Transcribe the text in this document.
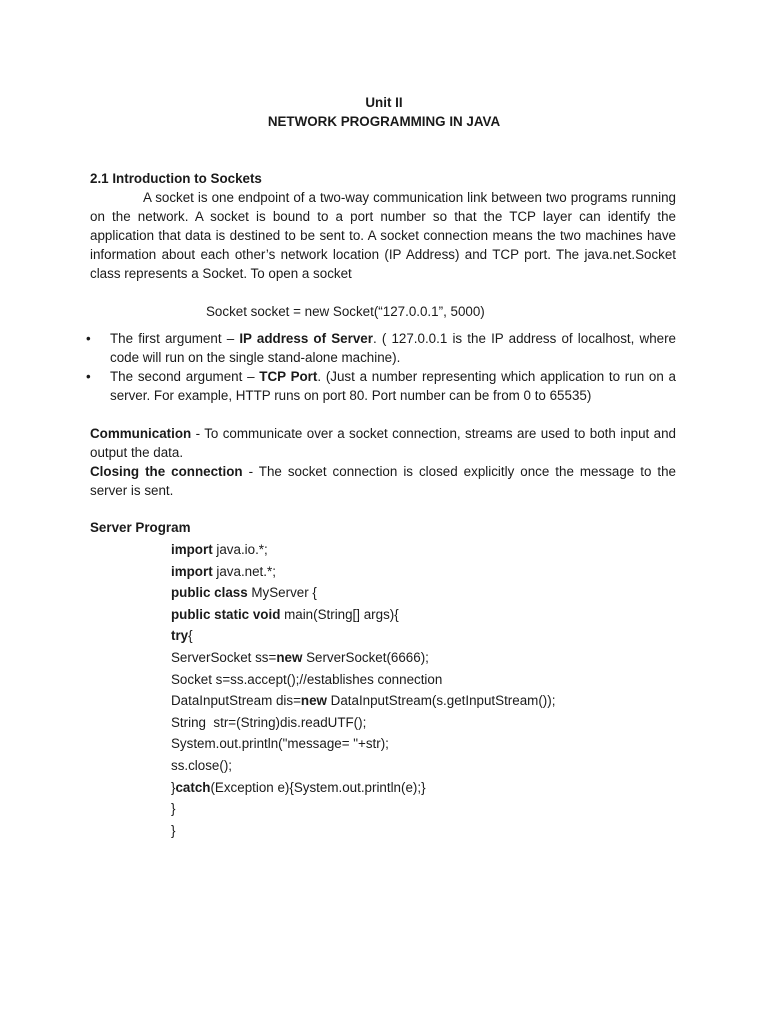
Unit II
NETWORK PROGRAMMING IN JAVA
2.1 Introduction to Sockets

A socket is one endpoint of a two-way communication link between two programs running on the network. A socket is bound to a port number so that the TCP layer can identify the application that data is destined to be sent to. A socket connection means the two machines have information about each other’s network location (IP Address) and TCP port. The java.net.Socket class represents a Socket. To open a socket

Socket socket = new Socket(“127.0.0.1”, 5000)
• The first argument – IP address of Server. ( 127.0.0.1 is the IP address of localhost, where code will run on the single stand-alone machine).
• The second argument – TCP Port. (Just a number representing which application to run on a server. For example, HTTP runs on port 80. Port number can be from 0 to 65535)

Communication - To communicate over a socket connection, streams are used to both input and output the data.

Closing the connection - The socket connection is closed explicitly once the message to the server is sent.

Server Program
import java.io.*;
import java.net.*;
public class MyServer {
public static void main(String[] args){
try{
ServerSocket ss=new ServerSocket(6666);
Socket s=ss.accept();//establishes connection
DataInputStream dis=new DataInputStream(s.getInputStream());
String  str=(String)dis.readUTF();
System.out.println("message= "+str);
ss.close();
}catch(Exception e){System.out.println(e);}
}
}
